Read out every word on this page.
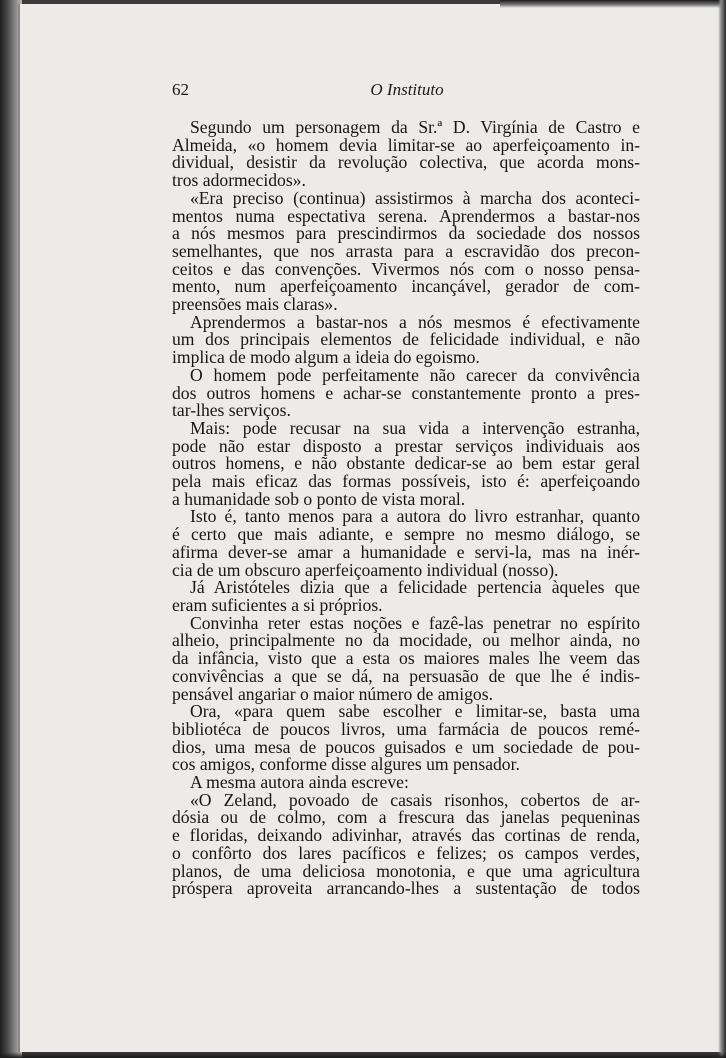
62	O Instituto
Segundo um personagem da Sr.ª D. Virgínia de Castro e
Almeida, «o homem devia limitar-se ao aperfeiçoamento in-
dividual, desistir da revolução colectiva, que acorda mons-
tros adormecidos».
«Era preciso (continua) assistirmos à marcha dos aconteci-
mentos numa espectativa serena. Aprendermos a bastar-nos
a nós mesmos para prescindirmos da sociedade dos nossos
semelhantes, que nos arrasta para a escravidão dos precon-
ceitos e das convenções. Vivermos nós com o nosso pensa-
mento, num aperfeiçoamento incançável, gerador de com-
preensões mais claras».
Aprendermos a bastar-nos a nós mesmos é efectivamente
um dos principais elementos de felicidade individual, e não
implica de modo algum a ideia do egoismo.
O homem pode perfeitamente não carecer da convivência
dos outros homens e achar-se constantemente pronto a pres-
tar-lhes serviços.
Mais: pode recusar na sua vida a intervenção estranha,
pode não estar disposto a prestar serviços individuais aos
outros homens, e não obstante dedicar-se ao bem estar geral
pela mais eficaz das formas possíveis, isto é: aperfeiçoando
a humanidade sob o ponto de vista moral.
Isto é, tanto menos para a autora do livro estranhar, quanto
é certo que mais adiante, e sempre no mesmo diálogo, se
afirma dever-se amar a humanidade e servi-la, mas na inér-
cia de um obscuro aperfeiçoamento individual (nosso).
Já Aristóteles dizia que a felicidade pertencia àqueles que
eram suficientes a si próprios.
Convinha reter estas noções e fazê-las penetrar no espírito
alheio, principalmente no da mocidade, ou melhor ainda, no
da infância, visto que a esta os maiores males lhe veem das
convivências a que se dá, na persuasão de que lhe é indis-
pensável angariar o maior número de amigos.
Ora, «para quem sabe escolher e limitar-se, basta uma
bibliotéca de poucos livros, uma farmácia de poucos remé-
dios, uma mesa de poucos guisados e um sociedade de pou-
cos amigos, conforme disse algures um pensador.
A mesma autora ainda escreve:
«O Zeland, povoado de casais risonhos, cobertos de ar-
dósia ou de colmo, com a frescura das janelas pequeninas
e floridas, deixando adivinhar, através das cortinas de renda,
o confôrto dos lares pacíficos e felizes; os campos verdes,
planos, de uma deliciosa monotonia, e que uma agricultura
próspera aproveita arrancando-lhes a sustentação de todos
